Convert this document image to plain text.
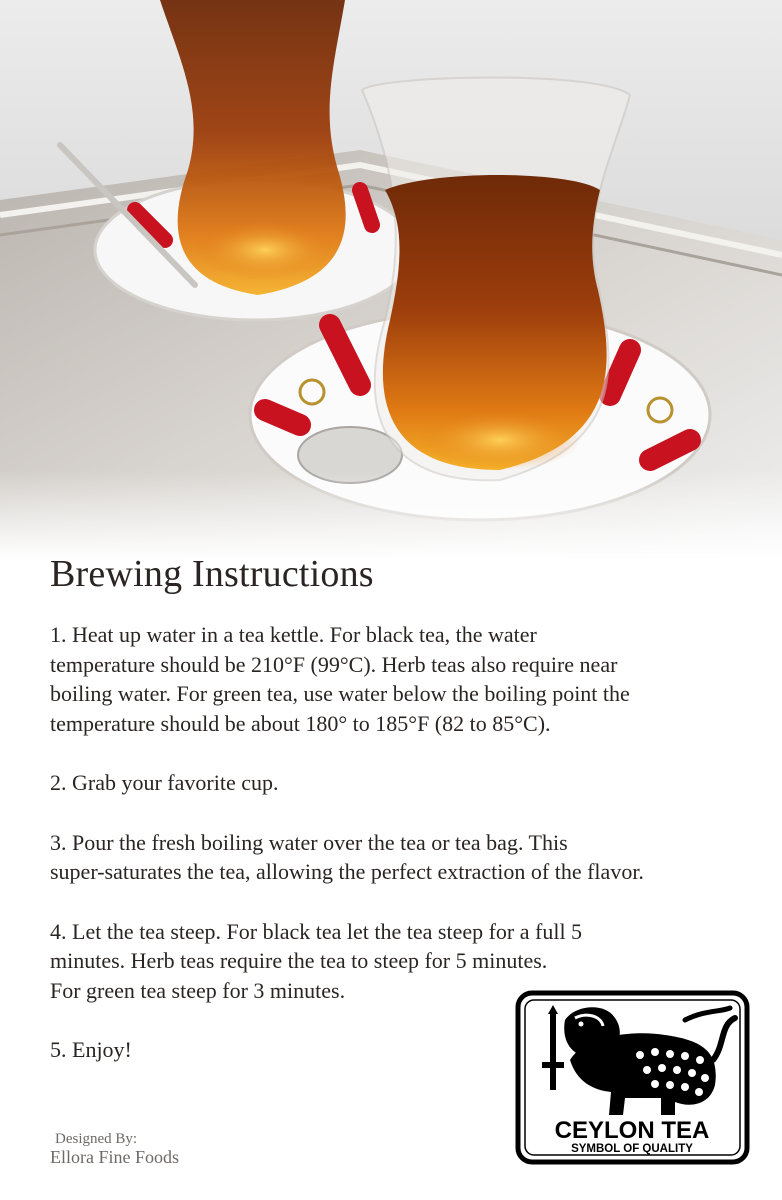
Brewing Instructions
1. Heat up water in a tea kettle. For black tea, the water
temperature should be 210°F (99°C). Herb teas also require near
boiling water. For green tea, use water below the boiling point the
temperature should be about 180° to 185°F (82 to 85°C).
2. Grab your favorite cup.
3. Pour the fresh boiling water over the tea or tea bag. This
super-saturates the tea, allowing the perfect extraction of the flavor.
4. Let the tea steep. For black tea let the tea steep for a full 5
minutes. Herb teas require the tea to steep for 5 minutes.
For green tea steep for 3 minutes.
5. Enjoy!
Designed By:
Ellora Fine Foods
CEYLON TEA
SYMBOL OF QUALITY
